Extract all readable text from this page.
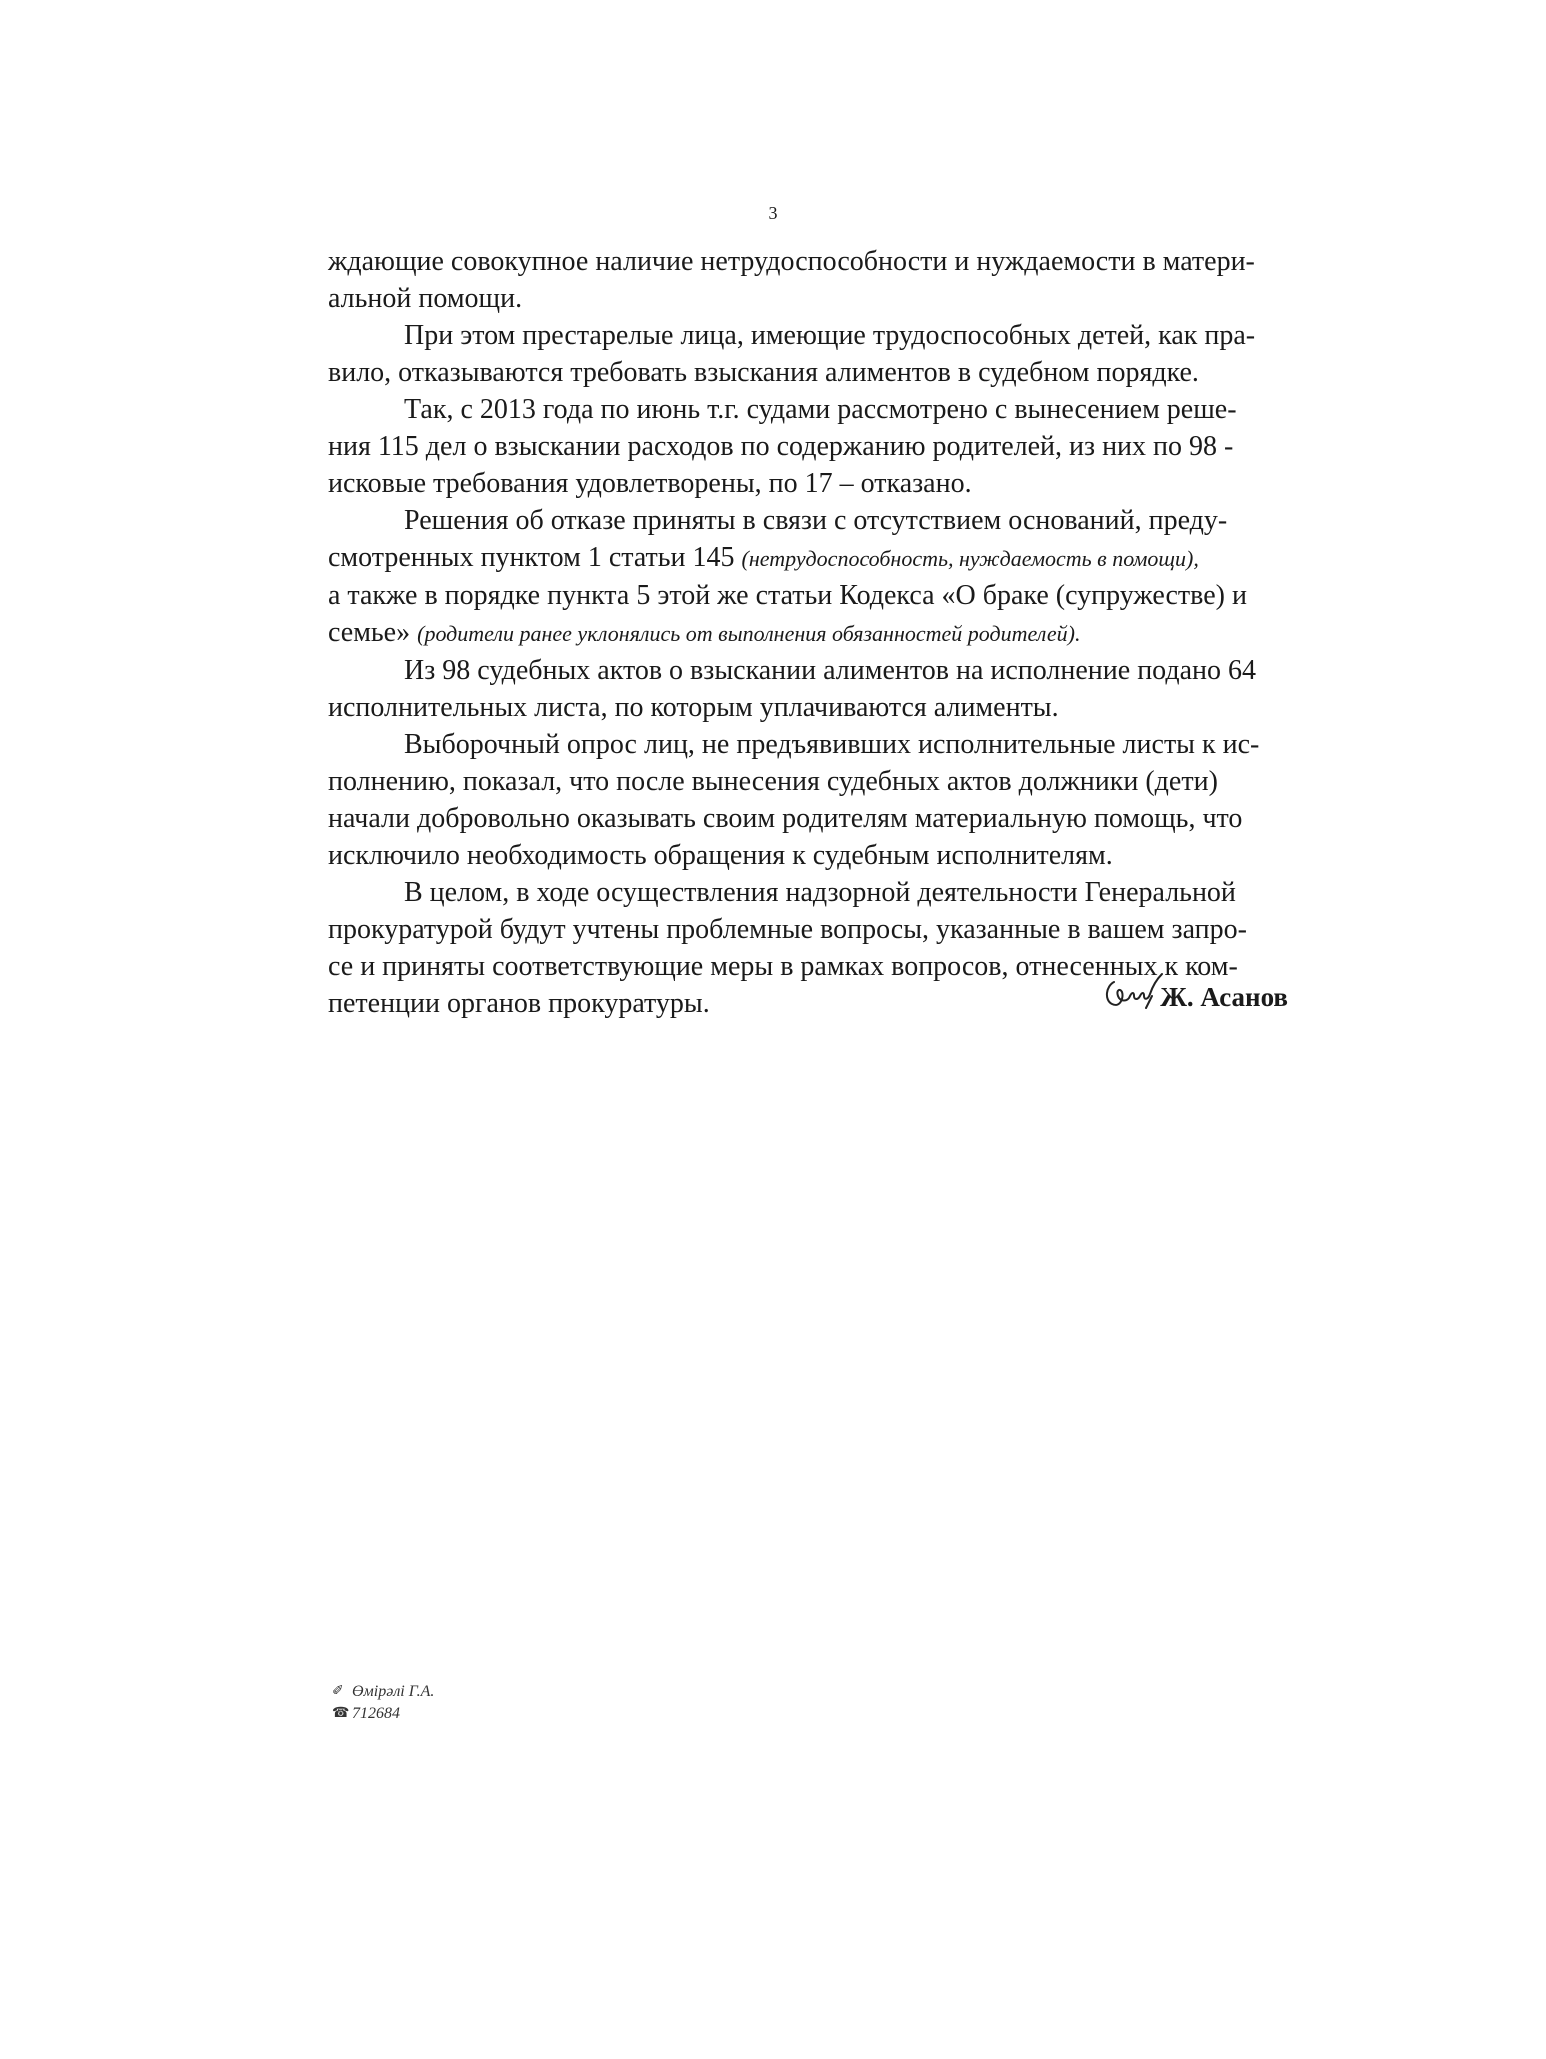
3

ждающие совокупное наличие нетрудоспособности и нуждаемости в матери-
альной помощи.

При этом престарелые лица, имеющие трудоспособных детей, как пра-
вило, отказываются требовать взыскания алиментов в судебном порядке.

Так, с 2013 года по июнь т.г. судами рассмотрено с вынесением реше-
ния 115 дел о взыскании расходов по содержанию родителей, из них по 98 -
исковые требования удовлетворены, по 17 – отказано.

Решения об отказе приняты в связи с отсутствием оснований, преду-
смотренных пунктом 1 статьи 145 (нетрудоспособность, нуждаемость в помощи),
а также в порядке пункта 5 этой же статьи Кодекса «О браке (супружестве) и
семье» (родители ранее уклонялись от выполнения обязанностей родителей).

Из 98 судебных актов о взыскании алиментов на исполнение подано 64
исполнительных листа, по которым уплачиваются алименты.

Выборочный опрос лиц, не предъявивших исполнительные листы к ис-
полнению, показал, что после вынесения судебных актов должники (дети)
начали добровольно оказывать своим родителям материальную помощь, что
исключило необходимость обращения к судебным исполнителям.

В целом, в ходе осуществления надзорной деятельности Генеральной
прокуратурой будут учтены проблемные вопросы, указанные в вашем запро-
се и приняты соответствующие меры в рамках вопросов, отнесенных к ком-
петенции органов прокуратуры.	Ж. Асанов
✐ Өмірәлі Г.А.
☎ 712684
